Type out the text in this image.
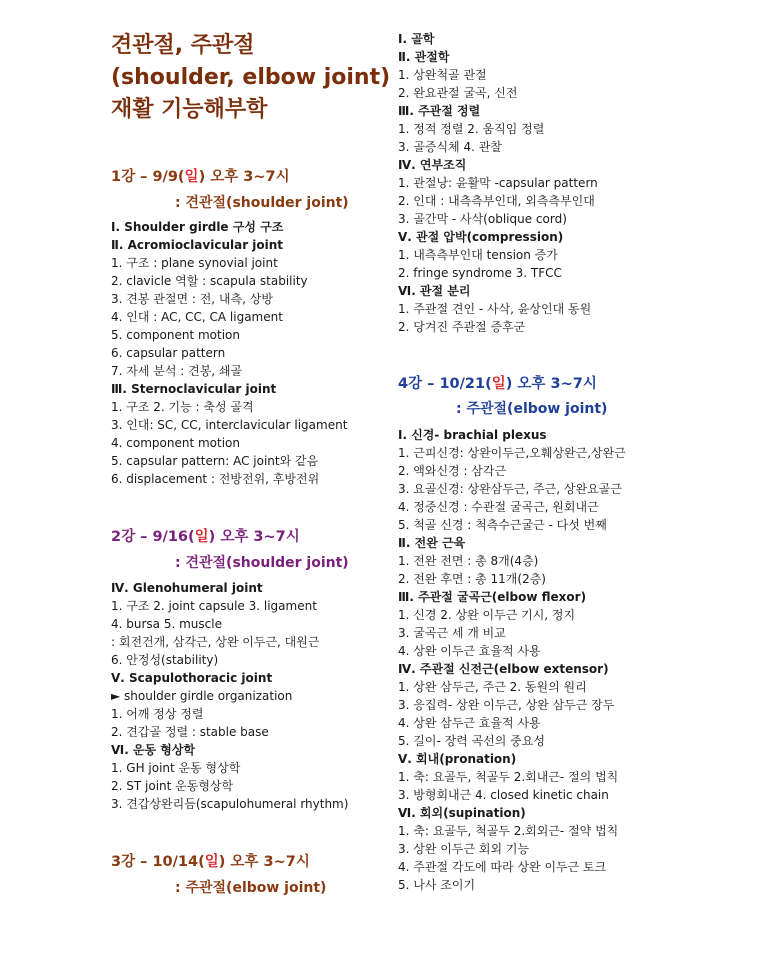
견관절, 주관절
(shoulder, elbow joint)
재활 기능해부학
1강 – 9/9(일) 오후 3~7시
: 견관절(shoulder joint)
Ⅰ. Shoulder girdle 구성 구조
Ⅱ. Acromioclavicular joint
1. 구조 : plane synovial joint
2. clavicle 역할 : scapula stability
3. 견봉 관절면 : 전, 내측, 상방
4. 인대 : AC, CC, CA ligament
5. component motion
6. capsular pattern
7. 자세 분석 : 견봉, 쇄골
Ⅲ. Sternoclavicular joint
1. 구조 2. 기능 : 축성 골격
3. 인대: SC, CC, interclavicular ligament
4. component motion
5. capsular pattern: AC joint와 같음
6. displacement : 전방전위, 후방전위
2강 – 9/16(일) 오후 3~7시
: 견관절(shoulder joint)
Ⅳ. Glenohumeral joint
1. 구조 2. joint capsule 3. ligament
4. bursa 5. muscle
: 회전건개, 삼각근, 상완 이두근, 대원근
6. 안정성(stability)
Ⅴ. Scapulothoracic joint
► shoulder girdle organization
1. 어깨 정상 정렬
2. 견갑골 정렬 : stable base
Ⅵ. 운동 형상학
1. GH joint 운동 형상학
2. ST joint 운동형상학
3. 견갑상완리듬(scapulohumeral rhythm)
3강 – 10/14(일) 오후 3~7시
: 주관절(elbow joint)
Ⅰ. 골학
Ⅱ. 관절학
1. 상완척골 관절
2. 완요관절 굴곡, 신전
Ⅲ. 주관절 정렬
1. 정적 정렬 2. 움직임 정렬
3. 골증식체 4. 관찰
Ⅳ. 연부조직
1. 관절낭: 윤활막 -capsular pattern
2. 인대 : 내측측부인대, 외측측부인대
3. 골간막 - 사삭(oblique cord)
Ⅴ. 관절 압박(compression)
1. 내측측부인대 tension 증가
2. fringe syndrome 3. TFCC
Ⅵ. 관절 분리
1. 주관절 견인 - 사삭, 윤상인대 동원
2. 당겨진 주관절 증후군
4강 – 10/21(일) 오후 3~7시
: 주관절(elbow joint)
Ⅰ. 신경- brachial plexus
1. 근피신경: 상완이두근,오훼상완근,상완근
2. 액와신경 : 삼각근
3. 요골신경: 상완삼두근, 주근, 상완요골근
4. 정중신경 : 수관절 굴곡근, 원회내근
5. 척골 신경 : 척측수근굴근 - 다섯 번째
Ⅱ. 전완 근육
1. 전완 전면 : 총 8개(4층)
2. 전완 후면 : 총 11개(2층)
Ⅲ. 주관절 굴곡근(elbow flexor)
1. 신경 2. 상완 이두근 기시, 정지
3. 굴곡근 세 개 비교
4. 상완 이두근 효율적 사용
Ⅳ. 주관절 신전근(elbow extensor)
1. 상완 삼두근, 주근 2. 동원의 원리
3. 응집력- 상완 이두근, 상완 삼두근 장두
4. 상완 삼두근 효율적 사용
5. 길이- 장력 곡선의 중요성
Ⅴ. 회내(pronation)
1. 축: 요골두, 척골두 2.회내근- 절의 법칙
3. 방형회내근 4. closed kinetic chain
Ⅵ. 회외(supination)
1. 축: 요골두, 척골두 2.회외근- 절약 법칙
3. 상완 이두근 회외 기능
4. 주관절 각도에 따라 상완 이두근 토크
5. 나사 조이기
